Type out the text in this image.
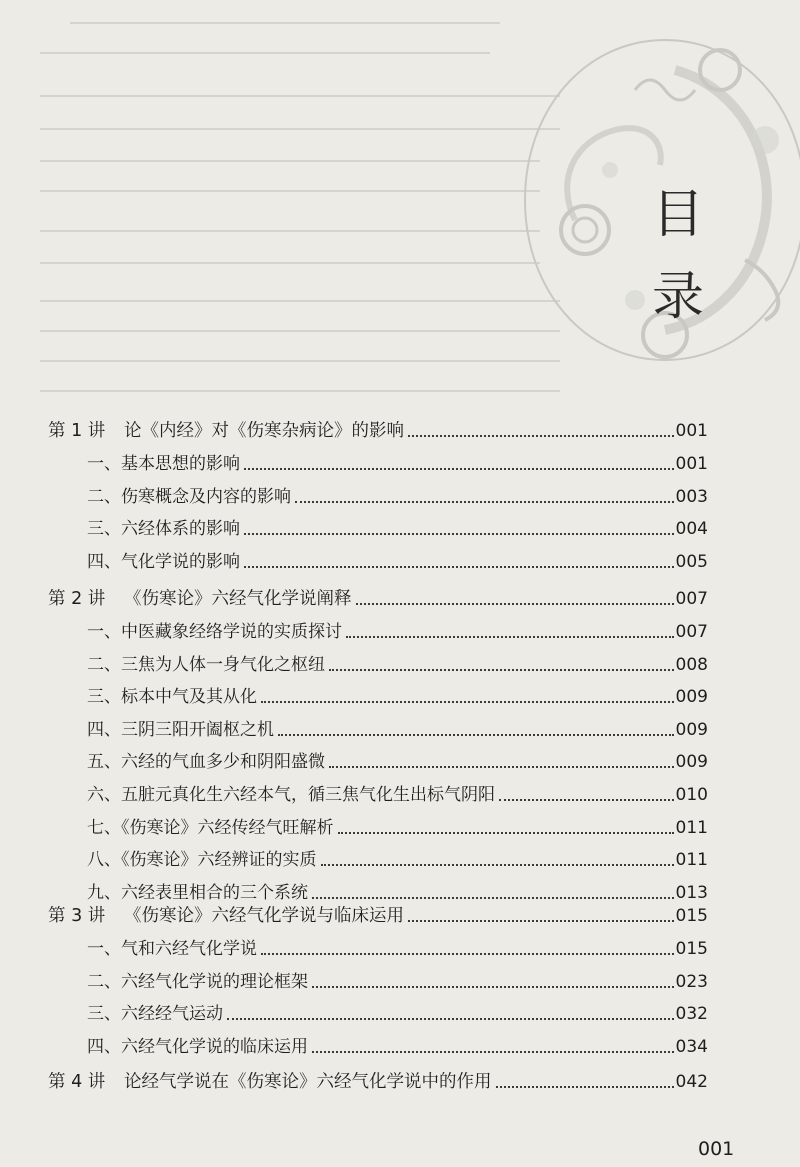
目
录
第 1 讲 论《内经》对《伤寒杂病论》的影响	001
一、基本思想的影响	001
二、伤寒概念及内容的影响	003
三、六经体系的影响	004
四、气化学说的影响	005
第 2 讲 《伤寒论》六经气化学说阐释	007
一、中医藏象经络学说的实质探讨	007
二、三焦为人体一身气化之枢纽	008
三、标本中气及其从化	009
四、三阴三阳开阖枢之机	009
五、六经的气血多少和阴阳盛微	009
六、五脏元真化生六经本气，循三焦气化生出标气阴阳	010
七、《伤寒论》六经传经气旺解析	011
八、《伤寒论》六经辨证的实质	011
九、六经表里相合的三个系统	013
第 3 讲 《伤寒论》六经气化学说与临床运用	015
一、气和六经气化学说	015
二、六经气化学说的理论框架	023
三、六经经气运动	032
四、六经气化学说的临床运用	034
第 4 讲 论经气学说在《伤寒论》六经气化学说中的作用	042
001
